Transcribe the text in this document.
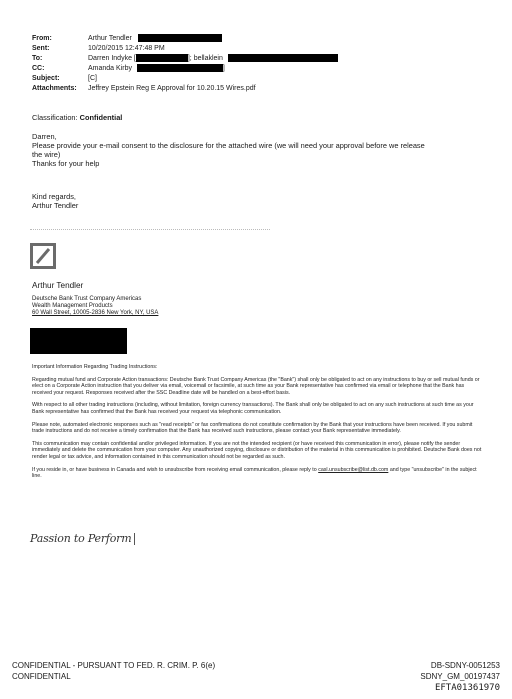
From:	Arthur Tendler
Sent:	10/20/2015 12:47:48 PM
To:	Darren Indyke [	]; bellaklein
CC:	Amanda Kirby	]
Subject:	[C]
Attachments: Jeffrey Epstein Reg E Approval for 10.20.15 Wires.pdf
Classification: Confidential
Darren,
Please provide your e-mail consent to the disclosure for the attached wire (we will need your approval before we release
the wire)
Thanks for your help
Kind regards,
Arthur Tendler
Arthur Tendler
Deutsche Bank Trust Company Americas
Wealth Management Products
60 Wall Street, 10005-2836 New York, NY, USA
Important Information Regarding Trading Instructions:
Regarding mutual fund and Corporate Action transactions: Deutsche Bank Trust Company Americas (the "Bank") shall only be obligated to act on any instructions to buy or sell mutual funds or elect on a Corporate Action instruction that you deliver via email, voicemail or facsimile, at such time as your Bank representative has confirmed via email or telephone that the Bank has received your request. Responses received after the SSC Deadline date will be handled on a best-effort basis.
With respect to all other trading instructions (including, without limitation, foreign currency transactions). The Bank shall only be obligated to act on any such instructions at such time as your Bank representative has confirmed that the Bank has received your request via telephonic communication.
Please note, automated electronic responses such as "read receipts" or fax confirmations do not constitute confirmation by the Bank that your instructions have been received. If you submit trade instructions and do not receive a timely confirmation that the Bank has received such instructions, please contact your Bank representative immediately.
This communication may contain confidential and/or privileged information. If you are not the intended recipient (or have received this communication in error), please notify the sender immediately and delete the communication from your computer. Any unauthorized copying, disclosure or distribution of the material in this communication is prohibited. Deutsche Bank does not render legal or tax advice, and information contained in this communication should not be regarded as such.
If you reside in, or have business in Canada and wish to unsubscribe from receiving email communication, please reply to casl.unsubscribe@list.db.com and type "unsubscribe" in the subject line.
Passion to Perform
CONFIDENTIAL - PURSUANT TO FED. R. CRIM. P. 6(e)
CONFIDENTIAL
DB-SDNY-0051253
SDNY_GM_00197437
EFTA01361970
